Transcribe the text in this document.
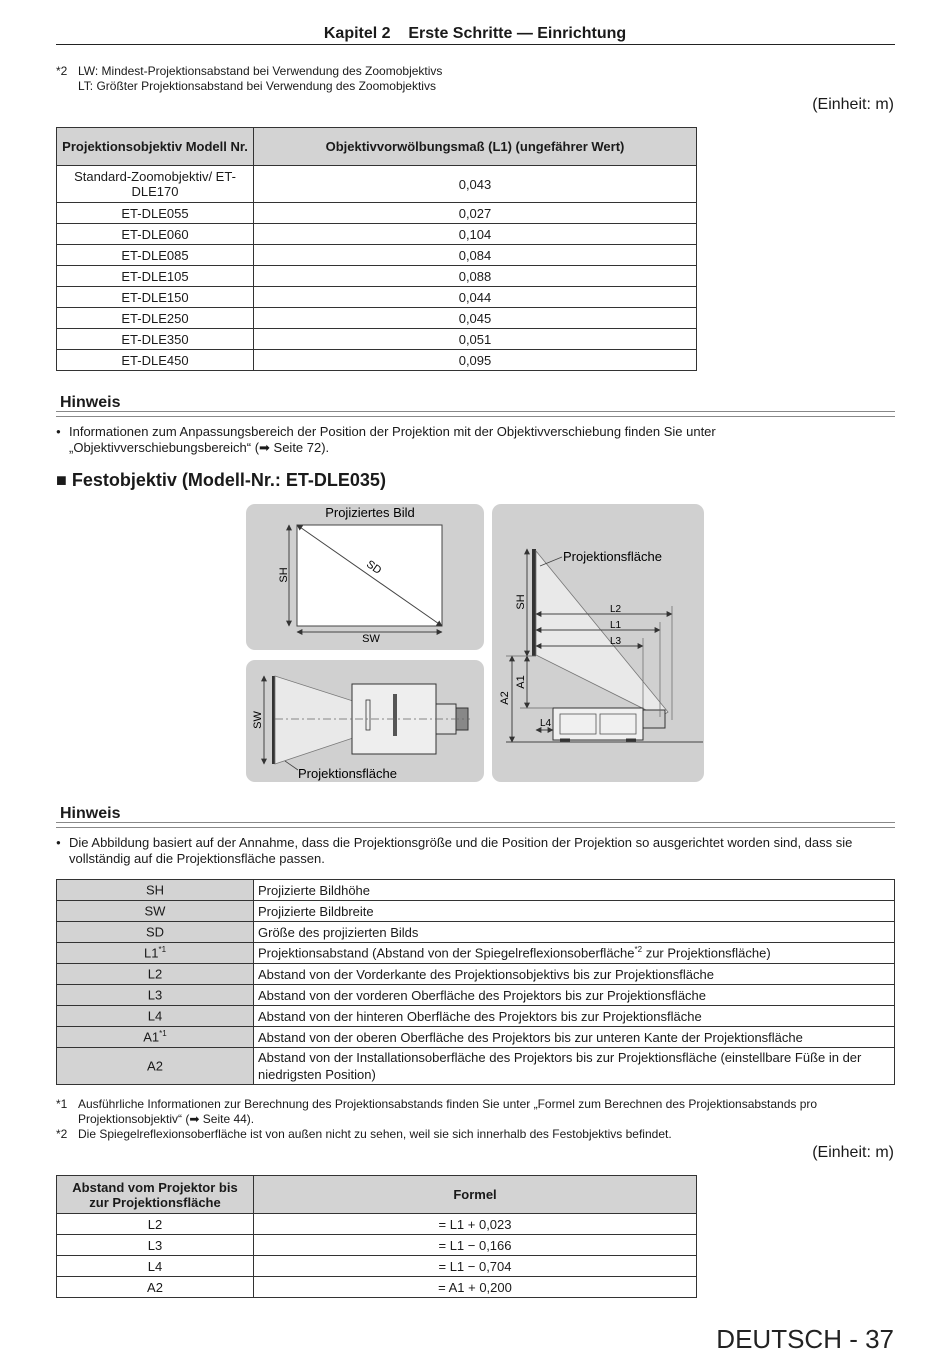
Kapitel 2    Erste Schritte — Einrichtung
*2 LW: Mindest-Projektionsabstand bei Verwendung des Zoomobjektivs
LT: Größter Projektionsabstand bei Verwendung des Zoomobjektivs
(Einheit: m)
Projektionsobjektiv Modell Nr.	Objektivvorwölbungsmaß (L1) (ungefährer Wert)
Standard-Zoomobjektiv/ ET-DLE170	0,043
ET-DLE055	0,027
ET-DLE060	0,104
ET-DLE085	0,084
ET-DLE105	0,088
ET-DLE150	0,044
ET-DLE250	0,045
ET-DLE350	0,051
ET-DLE450	0,095
Hinweis
● Informationen zum Anpassungsbereich der Position der Projektion mit der Objektivverschiebung finden Sie unter
„Objektivverschiebungsbereich“ (➡ Seite 72).
■ Festobjektiv (Modell-Nr.: ET-DLE035)
Projiziertes Bild
SH	SD
SW
SW
Projektionsfläche
SH
A1
A2
L2
L1
L3
L4
Projektionsfläche
Hinweis
● Die Abbildung basiert auf der Annahme, dass die Projektionsgröße und die Position der Projektion so ausgerichtet worden sind, dass sie
vollständig auf die Projektionsfläche passen.
SH	Projizierte Bildhöhe
SW	Projizierte Bildbreite
SD	Größe des projizierten Bilds
L1$^{*1}$	Projektionsabstand (Abstand von der Spiegelreflexionsoberfläche$^{*2}$ zur Projektionsfläche)
L2	Abstand von der Vorderkante des Projektionsobjektivs bis zur Projektionsfläche
L3	Abstand von der vorderen Oberfläche des Projektors bis zur Projektionsfläche
L4	Abstand von der hinteren Oberfläche des Projektors bis zur Projektionsfläche
A1$^{*1}$	Abstand von der oberen Oberfläche des Projektors bis zur unteren Kante der Projektionsfläche
A2	Abstand von der Installationsoberfläche des Projektors bis zur Projektionsfläche (einstellbare Füße in der niedrigsten Position)
*1 Ausführliche Informationen zur Berechnung des Projektionsabstands finden Sie unter „Formel zum Berechnen des Projektionsabstands pro
Projektionsobjektiv“ (➡ Seite 44).
*2 Die Spiegelreflexionsoberfläche ist von außen nicht zu sehen, weil sie sich innerhalb des Festobjektivs befindet.
(Einheit: m)
Abstand vom Projektor bis zur Projektionsfläche	Formel
L2	= L1 + 0,023
L3	= L1 − 0,166
L4	= L1 − 0,704
A2	= A1 + 0,200
DEUTSCH - 37
